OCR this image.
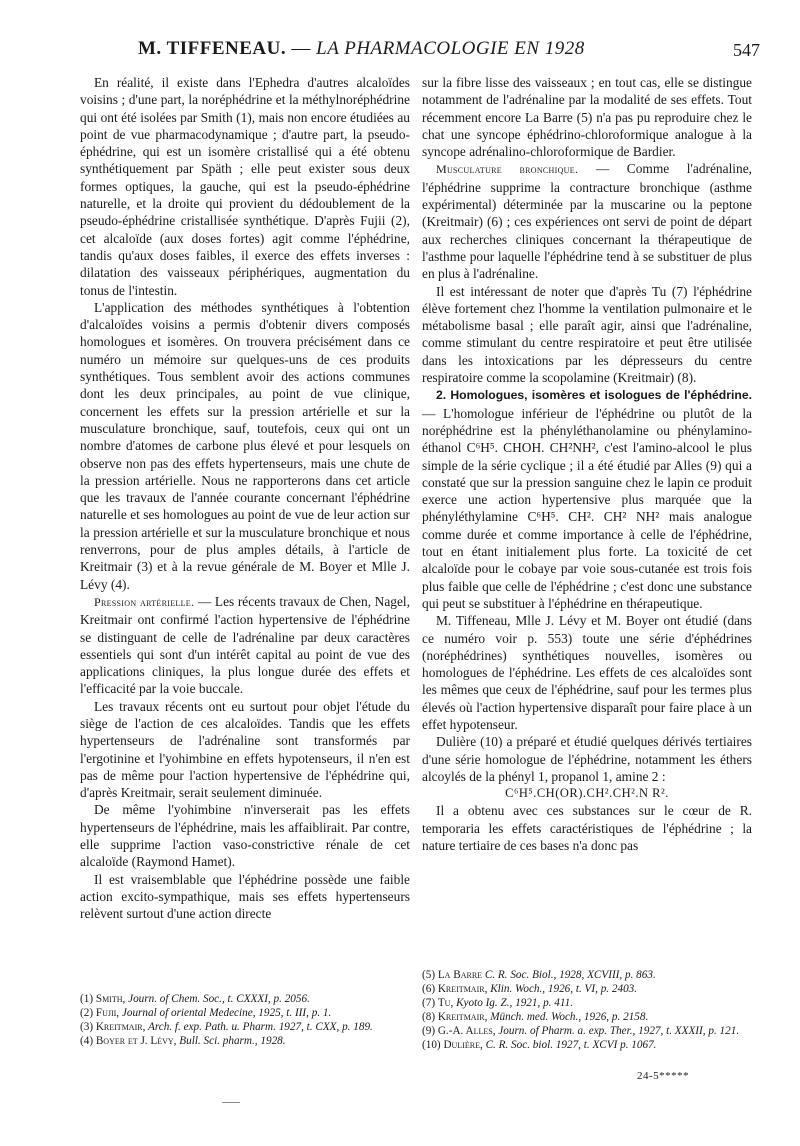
M. TIFFENEAU. — LA PHARMACOLOGIE EN 1928	547

En réalité, il existe dans l'Ephedra d'autres alcaloïdes voisins ; d'une part, la noréphédrine et la méthylnoréphédrine qui ont été isolées par Smith (1), mais non encore étudiées au point de vue pharmacodynamique ; d'autre part, la pseudo-éphédrine, qui est un isomère cristallisé qui a été obtenu synthétiquement par Späth ; elle peut exister sous deux formes optiques, la gauche, qui est la pseudo-éphédrine naturelle, et la droite qui provient du dédoublement de la pseudo-éphédrine cristallisée synthétique. D'après Fujii (2), cet alcaloïde (aux doses fortes) agit comme l'éphédrine, tandis qu'aux doses faibles, il exerce des effets inverses : dilatation des vaisseaux périphériques, augmentation du tonus de l'intestin.

L'application des méthodes synthétiques à l'obtention d'alcaloïdes voisins a permis d'obtenir divers composés homologues et isomères. On trouvera précisément dans ce numéro un mémoire sur quelques-uns de ces produits synthétiques. Tous semblent avoir des actions communes dont les deux principales, au point de vue clinique, concernent les effets sur la pression artérielle et sur la musculature bronchique, sauf, toutefois, ceux qui ont un nombre d'atomes de carbone plus élevé et pour lesquels on observe non pas des effets hypertenseurs, mais une chute de la pression artérielle. Nous ne rapporterons dans cet article que les travaux de l'année courante concernant l'éphédrine naturelle et ses homologues au point de vue de leur action sur la pression artérielle et sur la musculature bronchique et nous renverrons, pour de plus amples détails, à l'article de Kreitmair (3) et à la revue générale de M. Boyer et Mlle J. Lévy (4).

Pression artérielle. — Les récents travaux de Chen, Nagel, Kreitmair ont confirmé l'action hypertensive de l'éphédrine se distinguant de celle de l'adrénaline par deux caractères essentiels qui sont d'un intérêt capital au point de vue des applications cliniques, la plus longue durée des effets et l'efficacité par la voie buccale.

Les travaux récents ont eu surtout pour objet l'étude du siège de l'action de ces alcaloïdes. Tandis que les effets hypertenseurs de l'adrénaline sont transformés par l'ergotinine et l'yohimbine en effets hypotenseurs, il n'en est pas de même pour l'action hypertensive de l'éphédrine qui, d'après Kreitmair, serait seulement diminuée.

De même l'yohimbine n'inverserait pas les effets hypertenseurs de l'éphédrine, mais les affaiblirait. Par contre, elle supprime l'action vaso-constrictive rénale de cet alcaloïde (Raymond Hamet).

Il est vraisemblable que l'éphédrine possède une faible action excito-sympathique, mais ses effets hypertenseurs relèvent surtout d'une action directe

sur la fibre lisse des vaisseaux ; en tout cas, elle se distingue notamment de l'adrénaline par la modalité de ses effets. Tout récemment encore La Barre (5) n'a pas pu reproduire chez le chat une syncope éphédrino-chloroformique analogue à la syncope adrénalino-chloroformique de Bardier.

Musculature bronchique. — Comme l'adrénaline, l'éphédrine supprime la contracture bronchique (asthme expérimental) déterminée par la muscarine ou la peptone (Kreitmair) (6) ; ces expériences ont servi de point de départ aux recherches cliniques concernant la thérapeutique de l'asthme pour laquelle l'éphédrine tend à se substituer de plus en plus à l'adrénaline.

Il est intéressant de noter que d'après Tu (7) l'éphédrine élève fortement chez l'homme la ventilation pulmonaire et le métabolisme basal ; elle paraît agir, ainsi que l'adrénaline, comme stimulant du centre respiratoire et peut être utilisée dans les intoxications par les dépresseurs du centre respiratoire comme la scopolamine (Kreitmair) (8).

2. Homologues, isomères et isologues de l'éphédrine. — L'homologue inférieur de l'éphédrine ou plutôt de la noréphédrine est la phényléthanolamine ou phénylamino-éthanol C⁶H⁵. CHOH. CH²NH², c'est l'amino-alcool le plus simple de la série cyclique ; il a été étudié par Alles (9) qui a constaté que sur la pression sanguine chez le lapin ce produit exerce une action hypertensive plus marquée que la phényléthylamine C⁶H⁵. CH². CH² NH² mais analogue comme durée et comme importance à celle de l'éphédrine, tout en étant initialement plus forte. La toxicité de cet alcaloïde pour le cobaye par voie sous-cutanée est trois fois plus faible que celle de l'éphédrine ; c'est donc une substance qui peut se substituer à l'éphédrine en thérapeutique.

M. Tiffeneau, Mlle J. Lévy et M. Boyer ont étudié (dans ce numéro voir p. 553) toute une série d'éphédrines (noréphédrines) synthétiques nouvelles, isomères ou homologues de l'éphédrine. Les effets de ces alcaloïdes sont les mêmes que ceux de l'éphédrine, sauf pour les termes plus élevés où l'action hypertensive disparaît pour faire place à un effet hypotenseur.

Dulière (10) a préparé et étudié quelques dérivés tertiaires d'une série homologue de l'éphédrine, notamment les éthers alcoylés de la phényl 1, propanol 1, amine 2 :

C⁶H⁵.CH(OR).CH².CH².N R².

Il a obtenu avec ces substances sur le cœur de R. temporaria les effets caractéristiques de l'éphédrine ; la nature tertiaire de ces bases n'a donc pas

(1) Smith, Journ. of Chem. Soc., t. CXXXI, p. 2056.
(2) Fujii, Journal of oriental Medecine, 1925, t. III, p. 1.
(3) Kreitmair, Arch. f. exp. Path. u. Pharm. 1927, t. CXX, p. 189.
(4) Boyer et J. Lévy, Bull. Sci. pharm., 1928.
(5) La Barre C. R. Soc. Biol., 1928, XCVIII, p. 863.
(6) Kreitmair, Klin. Woch., 1926, t. VI, p. 2403.
(7) Tu, Kyoto Ig. Z., 1921, p. 411.
(8) Kreitmair, Münch. med. Woch., 1926, p. 2158.
(9) G.-A. Alles, Journ. of Pharm. a. exp. Ther., 1927, t. XXXII, p. 121.
(10) Dulière, C. R. Soc. biol. 1927, t. XCVI p. 1067.
24-5*****
